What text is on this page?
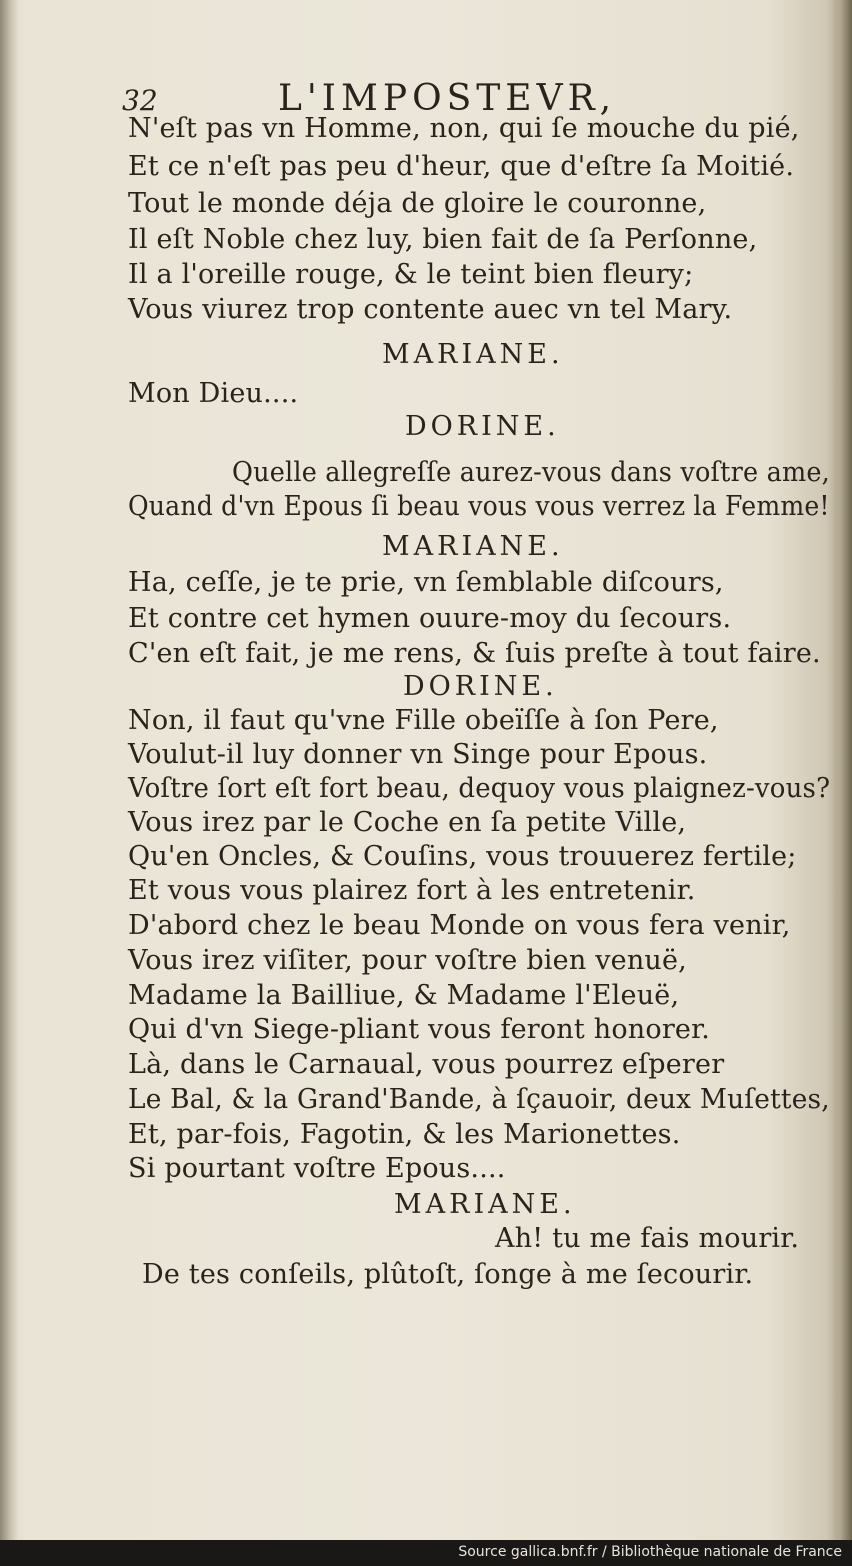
32	L'IMPOSTEVR,
N'eſt pas vn Homme, non, qui ſe mouche du pié,
Et ce n'eſt pas peu d'heur, que d'eſtre ſa Moitié.
Tout le monde déja de gloire le couronne,
Il eſt Noble chez luy, bien fait de ſa Perſonne,
Il a l'oreille rouge, & le teint bien fleury;
Vous viurez trop contente auec vn tel Mary.
MARIANE.
Mon Dieu....
DORINE.
Quelle allegreſſe aurez-vous dans voſtre ame,
Quand d'vn Epous ſi beau vous vous verrez la Femme!
MARIANE.
Ha, ceſſe, je te prie, vn ſemblable diſcours,
Et contre cet hymen ouure-moy du ſecours.
C'en eſt fait, je me rens, & ſuis preſte à tout faire.
DORINE.
Non, il faut qu'vne Fille obeïſſe à ſon Pere,
Voulut-il luy donner vn Singe pour Epous.
Voſtre ſort eſt fort beau, dequoy vous plaignez-vous?
Vous irez par le Coche en ſa petite Ville,
Qu'en Oncles, & Couſins, vous trouuerez fertile;
Et vous vous plairez fort à les entretenir.
D'abord chez le beau Monde on vous fera venir,
Vous irez viſiter, pour voſtre bien venuë,
Madame la Bailliue, & Madame l'Eleuë,
Qui d'vn Siege-pliant vous feront honorer.
Là, dans le Carnaual, vous pourrez eſperer
Le Bal, & la Grand'Bande, à ſçauoir, deux Muſettes,
Et, par-fois, Fagotin, & les Marionettes.
Si pourtant voſtre Epous....
MARIANE.
Ah! tu me fais mourir.
De tes conſeils, plûtoſt, ſonge à me ſecourir.
Source gallica.bnf.fr / Bibliothèque nationale de France
